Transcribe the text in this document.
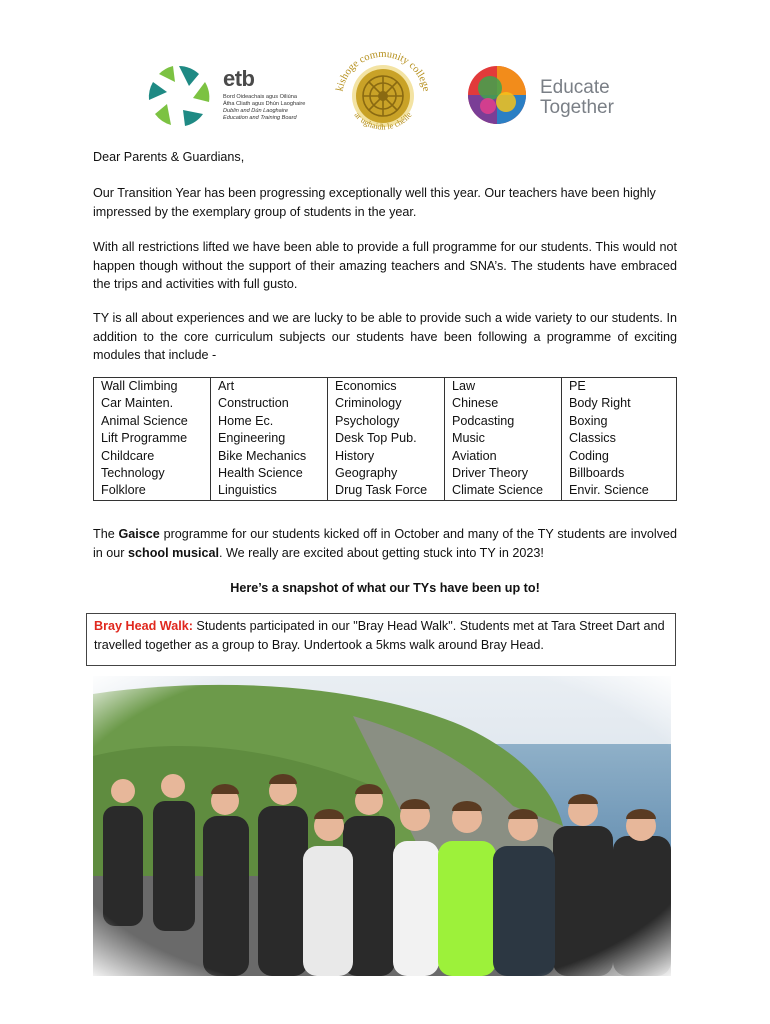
etb
Bord Oideachais agus Oiliúna
Átha Cliath agus Dhún Laoghaire
Dublin and Dún Laoghaire
Education and Training Board
kishoge community college
ar ughaidh le chéile
Educate
Together
Dear Parents & Guardians,
Our Transition Year has been progressing exceptionally well this year. Our teachers have been highly impressed by the exemplary group of students in the year.
With all restrictions lifted we have been able to provide a full programme for our students. This would not happen though without the support of their amazing teachers and SNA’s. The students have embraced the trips and activities with full gusto.
TY is all about experiences and we are lucky to be able to provide such a wide variety to our students. In addition to the core curriculum subjects our students have been following a programme of exciting modules that include -
Wall Climbing	Art	Economics	Law	PE
Car Mainten.	Construction	Criminology	Chinese	Body Right
Animal Science	Home Ec.	Psychology	Podcasting	Boxing
Lift Programme	Engineering	Desk Top Pub.	Music	Classics
Childcare	Bike Mechanics	History	Aviation	Coding
Technology	Health Science	Geography	Driver Theory	Billboards
Folklore	Linguistics	Drug Task Force	Climate Science	Envir. Science
The Gaisce programme for our students kicked off in October and many of the TY students are involved in our school musical. We really are excited about getting stuck into TY in 2023!
Here’s a snapshot of what our TYs have been up to!
Bray Head Walk: Students participated in our "Bray Head Walk". Students met at Tara Street Dart and travelled together as a group to Bray. Undertook a 5kms walk around Bray Head.
